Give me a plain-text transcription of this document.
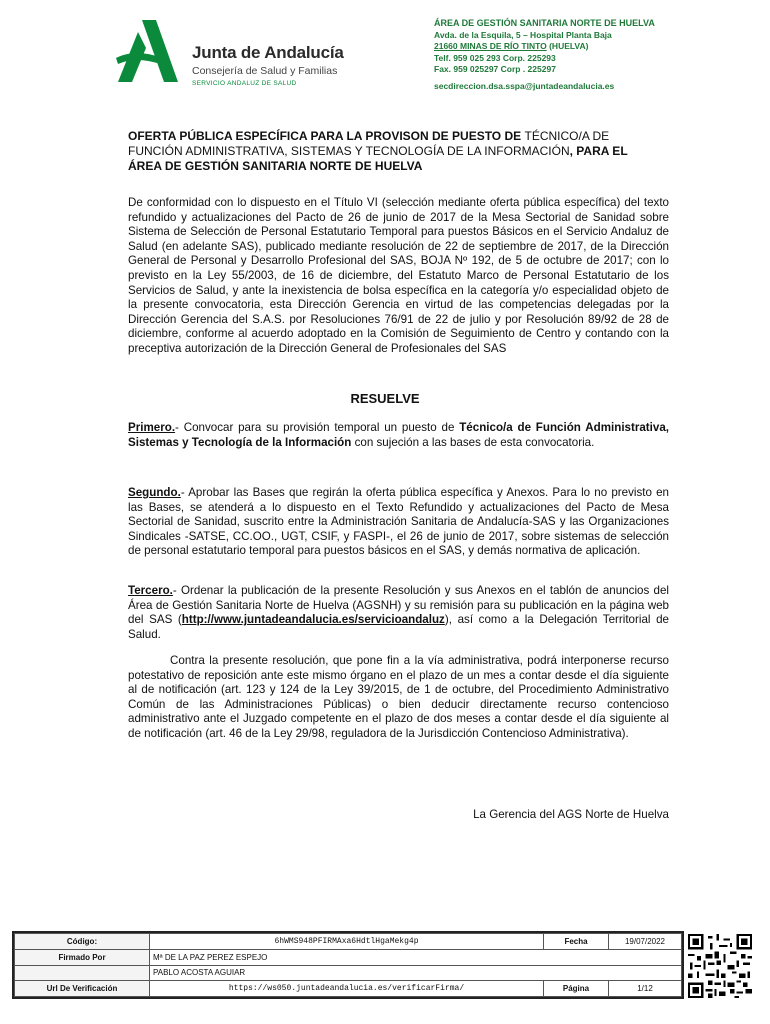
Junta de Andalucía
Consejería de Salud y Familias
SERVICIO ANDALUZ DE SALUD
ÁREA DE GESTIÓN SANITARIA NORTE DE HUELVA
Avda. de la Esquila, 5 – Hospital Planta Baja
21660 MINAS DE RÍO TINTO (HUELVA)
Telf. 959 025 293 Corp. 225293
Fax. 959 025297 Corp . 225297
secdireccion.dsa.sspa@juntadeandalucia.es
OFERTA PÚBLICA ESPECÍFICA PARA LA PROVISON DE PUESTO DE TÉCNICO/A DE FUNCIÓN ADMINISTRATIVA, SISTEMAS Y TECNOLOGÍA DE LA INFORMACIÓN, PARA EL ÁREA DE GESTIÓN SANITARIA NORTE DE HUELVA
De conformidad con lo dispuesto en el Título VI (selección mediante oferta pública específica) del texto refundido y actualizaciones del Pacto de 26 de junio de 2017 de la Mesa Sectorial de Sanidad sobre Sistema de Selección de Personal Estatutario Temporal para puestos Básicos en el Servicio Andaluz de Salud (en adelante SAS), publicado mediante resolución de 22 de septiembre de 2017, de la Dirección General de Personal y Desarrollo Profesional del SAS, BOJA Nº 192, de 5 de octubre de 2017; con lo previsto en la Ley 55/2003, de 16 de diciembre, del Estatuto Marco de Personal Estatutario de los Servicios de Salud, y ante la inexistencia de bolsa específica en la categoría y/o especialidad objeto de la presente convocatoria, esta Dirección Gerencia en virtud de las competencias delegadas por la Dirección Gerencia del S.A.S. por Resoluciones 76/91 de 22 de julio y por Resolución 89/92 de 28 de diciembre, conforme al acuerdo adoptado en la Comisión de Seguimiento de Centro y contando con la preceptiva autorización de la Dirección General de Profesionales del SAS
RESUELVE
Primero.- Convocar para su provisión temporal un puesto de Técnico/a de Función Administrativa, Sistemas y Tecnología de la Información con sujeción a las bases de esta convocatoria.
Segundo.- Aprobar las Bases que regirán la oferta pública específica y Anexos. Para lo no previsto en las Bases, se atenderá a lo dispuesto en el Texto Refundido y actualizaciones del Pacto de Mesa Sectorial de Sanidad, suscrito entre la Administración Sanitaria de Andalucía-SAS y las Organizaciones Sindicales -SATSE, CC.OO., UGT, CSIF, y FASPI-, el 26 de junio de 2017, sobre sistemas de selección de personal estatutario temporal para puestos básicos en el SAS, y demás normativa de aplicación.
Tercero.- Ordenar la publicación de la presente Resolución y sus Anexos en el tablón de anuncios del Área de Gestión Sanitaria Norte de Huelva (AGSNH) y su remisión para su publicación en la página web del SAS (http://www.juntadeandalucia.es/servicioandaluz), así como a la Delegación Territorial de Salud.
Contra la presente resolución, que pone fin a la vía administrativa, podrá interponerse recurso potestativo de reposición ante este mismo órgano en el plazo de un mes a contar desde el día siguiente al de notificación (art. 123 y 124 de la Ley 39/2015, de 1 de octubre, del Procedimiento Administrativo Común de las Administraciones Públicas) o bien deducir directamente recurso contencioso administrativo ante el Juzgado competente en el plazo de dos meses a contar desde el día siguiente al de notificación (art. 46 de la Ley 29/98, reguladora de la Jurisdicción Contencioso Administrativa).
La Gerencia del AGS Norte de Huelva
Código:	6hWMS948PFIRMAxa6HdtlHgaMekg4p	Fecha	19/07/2022
Firmado Por	Mª DE LA PAZ PEREZ ESPEJO		
	PABLO ACOSTA AGUIAR		
Url De Verificación	https://ws050.juntadeandalucia.es/verificarFirma/	Página	1/12
